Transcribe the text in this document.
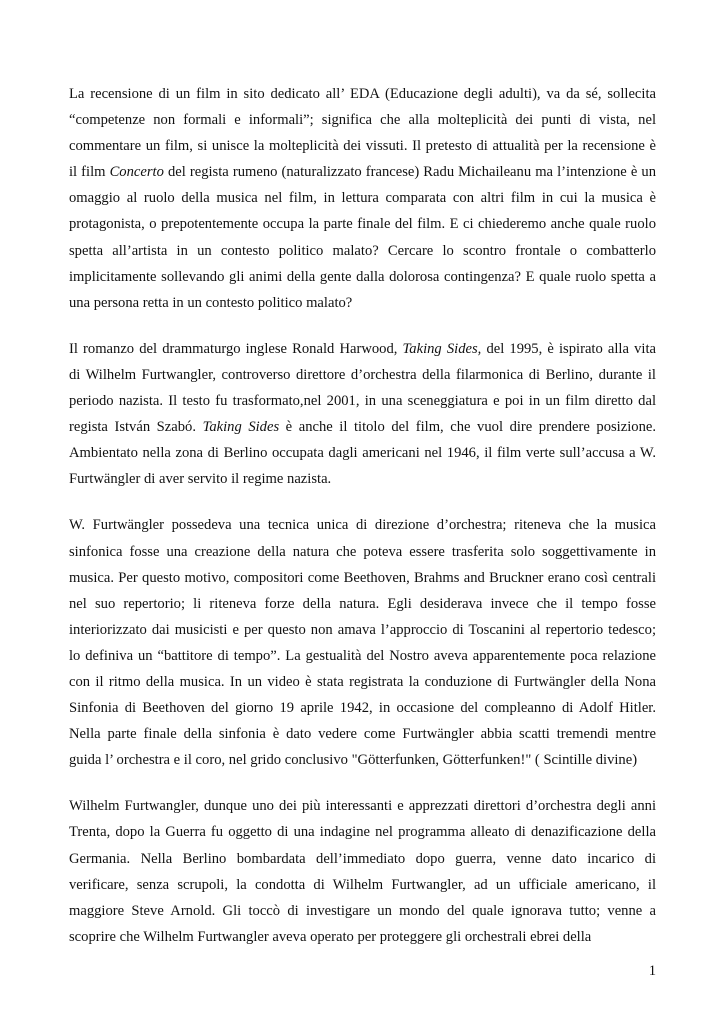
La recensione di un film in sito dedicato all’ EDA (Educazione degli adulti), va da sé, sollecita
“competenze non formali e informali”; significa che alla molteplicità dei punti di vista, nel
commentare un film, si unisce la molteplicità dei vissuti. Il pretesto di attualità per la recensione è
il film Concerto del regista rumeno (naturalizzato francese) Radu Michaileanu ma l’intenzione è un
omaggio al ruolo della musica nel film, in lettura comparata con altri film in cui la musica è
protagonista, o prepotentemente occupa la parte finale del film. E ci chiederemo anche quale ruolo
spetta all’artista in un contesto politico malato? Cercare lo scontro frontale o combatterlo
implicitamente sollevando gli animi della gente dalla dolorosa contingenza? E quale ruolo spetta a
una persona retta in un contesto politico malato?
Il romanzo del drammaturgo inglese Ronald Harwood, Taking Sides, del 1995, è ispirato alla vita
di Wilhelm Furtwangler, controverso direttore d’orchestra della filarmonica di Berlino, durante il
periodo nazista. Il testo fu trasformato,nel 2001, in una sceneggiatura e poi in un film diretto dal
regista István Szabó. Taking Sides è anche il titolo del film, che vuol dire prendere posizione.
Ambientato nella zona di Berlino occupata dagli americani nel 1946, il film verte sull’accusa a W.
Furtwängler di aver servito il regime nazista.
W. Furtwängler possedeva una tecnica unica di direzione d’orchestra; riteneva che la musica
sinfonica fosse una creazione della natura che poteva essere trasferita solo soggettivamente in
musica. Per questo motivo, compositori come Beethoven, Brahms and Bruckner erano così centrali
nel suo repertorio; li riteneva forze della natura. Egli desiderava invece che il tempo fosse
interiorizzato dai musicisti e per questo non amava l’approccio di Toscanini al repertorio tedesco;
lo definiva un “battitore di tempo”. La gestualità del Nostro aveva apparentemente poca relazione
con il ritmo della musica. In un video è stata registrata la conduzione di Furtwängler della Nona
Sinfonia di Beethoven del giorno 19 aprile 1942, in occasione del compleanno di Adolf Hitler.
Nella parte finale della sinfonia è dato vedere come Furtwängler abbia scatti tremendi mentre
guida l’ orchestra e il coro, nel grido conclusivo "Götterfunken, Götterfunken!" ( Scintille divine)
Wilhelm Furtwangler, dunque uno dei più interessanti e apprezzati direttori d’orchestra degli anni
Trenta, dopo la Guerra fu oggetto di una indagine nel programma alleato di denazificazione della
Germania. Nella Berlino bombardata dell’immediato dopo guerra, venne dato incarico di
verificare, senza scrupoli, la condotta di Wilhelm Furtwangler, ad un ufficiale americano, il
maggiore Steve Arnold. Gli toccò di investigare un mondo del quale ignorava tutto; venne a
scoprire che Wilhelm Furtwangler aveva operato per proteggere gli orchestrali ebrei della
1
